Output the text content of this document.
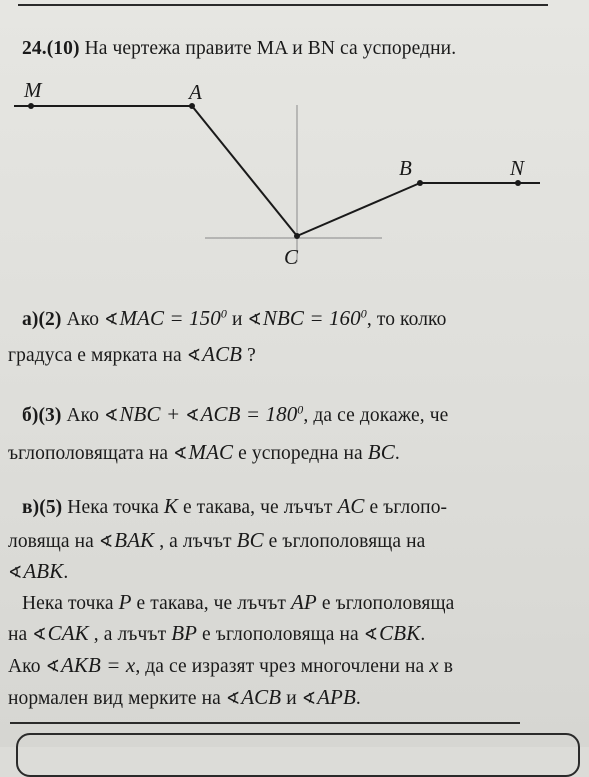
24.(10) На чертежа правите MA и BN са успоредни.
M	A
B	N
C
а)(2) Ако ∢MAC = $150^0$ и ∢NBC = $160^0$, то колко
градуса е мярката на ∢ACB ?
б)(3) Ако ∢NBC + ∢ACB = $180^0$, да се докаже, че
ъглополовящата на ∢MAC е успоредна на BC.
в)(5) Нека точка K е такава, че лъчът AC е ъглопо-
ловяща на ∢BAK , а лъчът BC е ъглополовяща на
∢ABK.
Нека точка P е такава, че лъчът AP е ъглополовяща
на ∢CAK , а лъчът BP е ъглополовяща на ∢CBK.
Ако ∢AKB = x, да се изразят чрез многочлени на x в
нормален вид мерките на ∢ACB и ∢APB.
